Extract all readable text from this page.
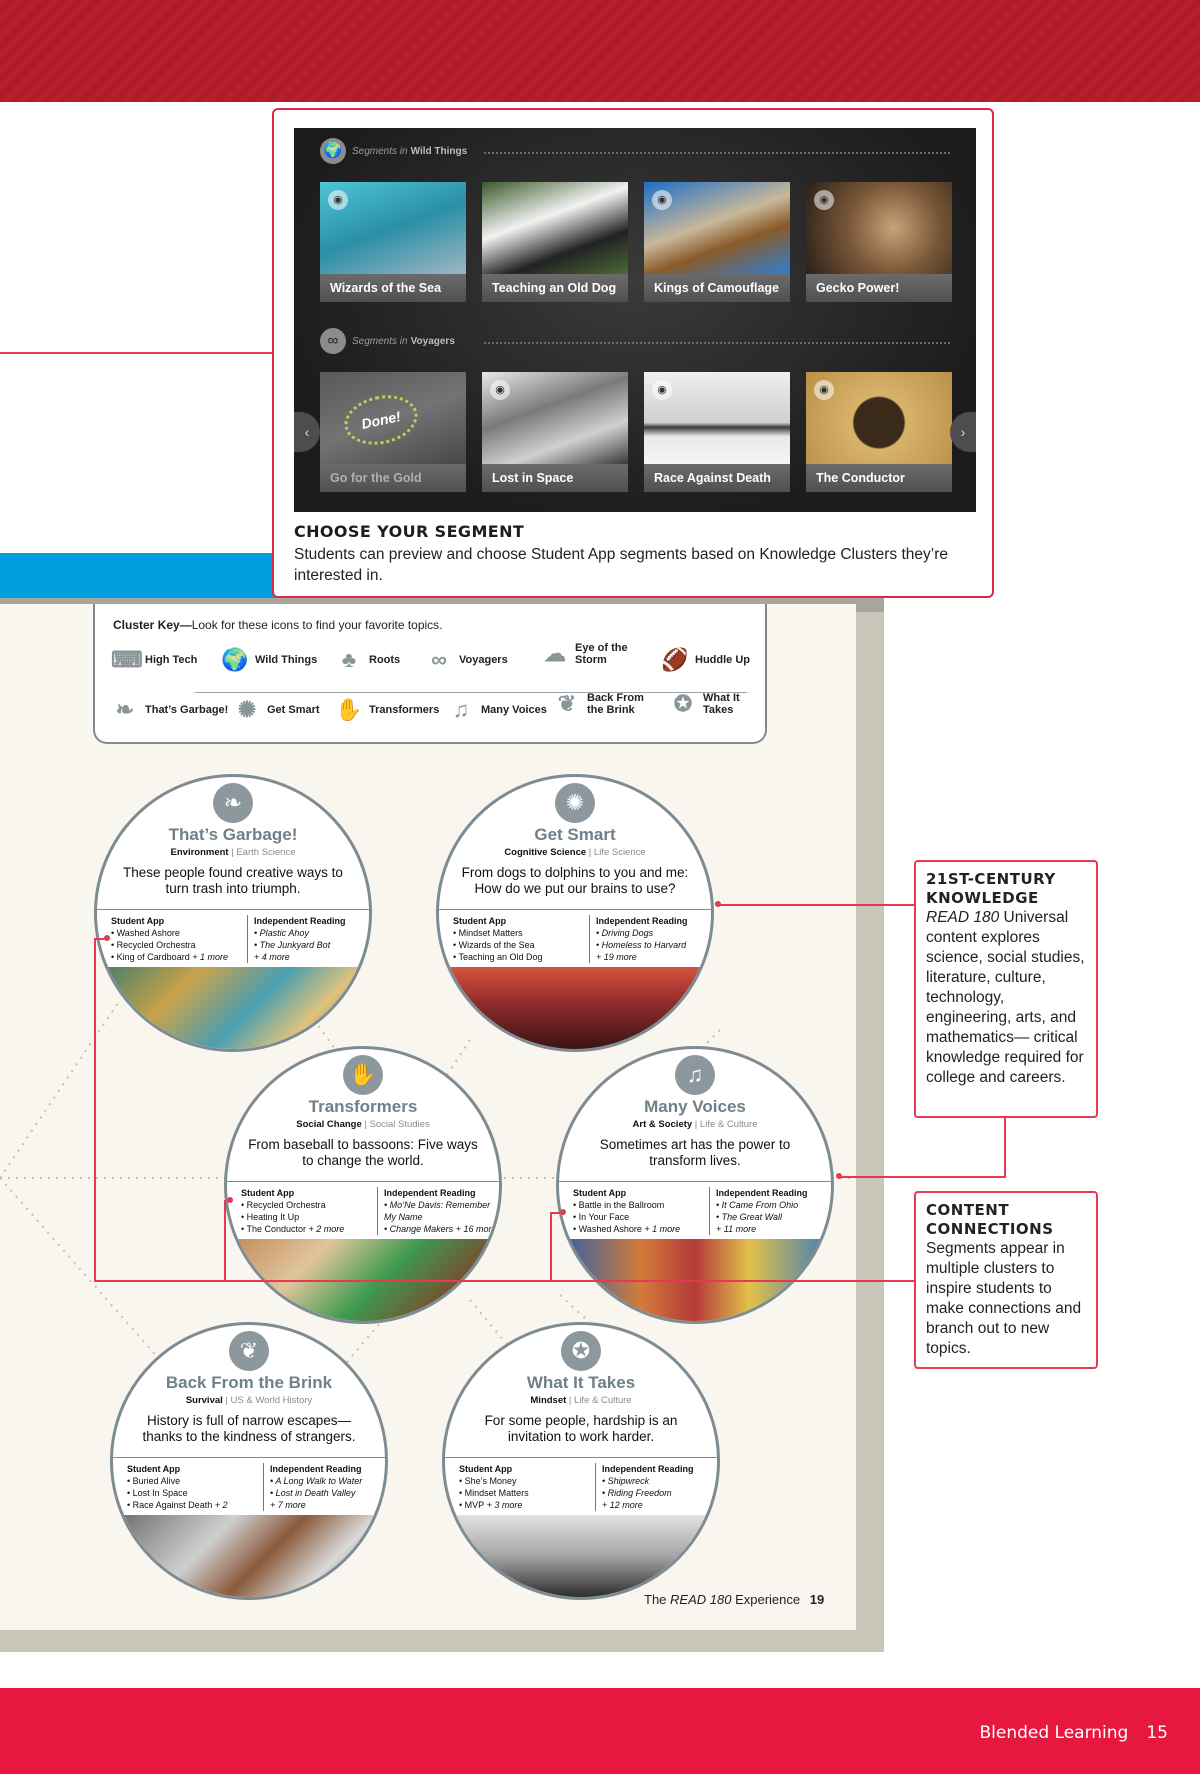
Cluster Key—Look for these icons to find your favorite topics.
⌨ High Tech 🌍 Wild Things	♣	Roots ∞	Voyagers ☁ Eye of the Storm	🏈 Huddle Up
❧ That’s Garbage! ✺ Get Smart ✋ Transformers ♫	Many Voices ❦ Back From the Brink	✪ What It Takes
❧
That’s Garbage!
Environment | Earth Science
These people found creative ways to turn trash into triumph.
Student App
• Washed Ashore
• Recycled Orchestra
• King of Cardboard + 1 more
Independent Reading
• Plastic Ahoy
• The Junkyard Bot
+ 4 more
✺
Get Smart
Cognitive Science | Life Science
From dogs to dolphins to you and me: How do we put our brains to use?
Student App
• Mindset Matters
• Wizards of the Sea
• Teaching an Old Dog
Independent Reading
• Driving Dogs
• Homeless to Harvard
+ 19 more
✋
Transformers
Social Change | Social Studies
From baseball to bassoons: Five ways to change the world.
Student App
• Recycled Orchestra
• Heating It Up
• The Conductor + 2 more
Independent Reading
• Mo’Ne Davis: Remember My Name
• Change Makers + 16 more
♫
Many Voices
Art & Society | Life & Culture
Sometimes art has the power to transform lives.
Student App
• Battle in the Ballroom
• In Your Face
• Washed Ashore + 1 more
Independent Reading
• It Came From Ohio
• The Great Wall
+ 11 more
❦
Back From the Brink
Survival | US & World History
History is full of narrow escapes— thanks to the kindness of strangers.
Student App
• Buried Alive
• Lost In Space
• Race Against Death + 2
Independent Reading
• A Long Walk to Water
• Lost in Death Valley
+ 7 more
✪
What It Takes
Mindset | Life & Culture
For some people, hardship is an invitation to work harder.
Student App
• She’s Money
• Mindset Matters
• MVP + 3 more
Independent Reading
• Shipwreck
• Riding Freedom
+ 12 more
The READ 180 Experience 19
21ST-CENTURY KNOWLEDGE
READ 180 Universal content explores science, social studies, literature, culture, technology, engineering, arts, and mathematics— critical knowledge required for college and careers.
CONTENT CONNECTIONS
Segments appear in multiple clusters to inspire students to make connections and branch out to new topics.
🌍 Segments in Wild Things
◉
Wizards of the Sea	Teaching an Old Dog
◉
Kings of Camouflage
◉
Gecko Power!
∞	Segments in Voyagers
Done!
Go for the Gold
◉
Lost in Space
◉
Race Against Death
◉
The Conductor
‹	›
CHOOSE YOUR SEGMENT
Students can preview and choose Student App segments based on Knowledge Clusters they’re interested in.
Blended Learning 15
